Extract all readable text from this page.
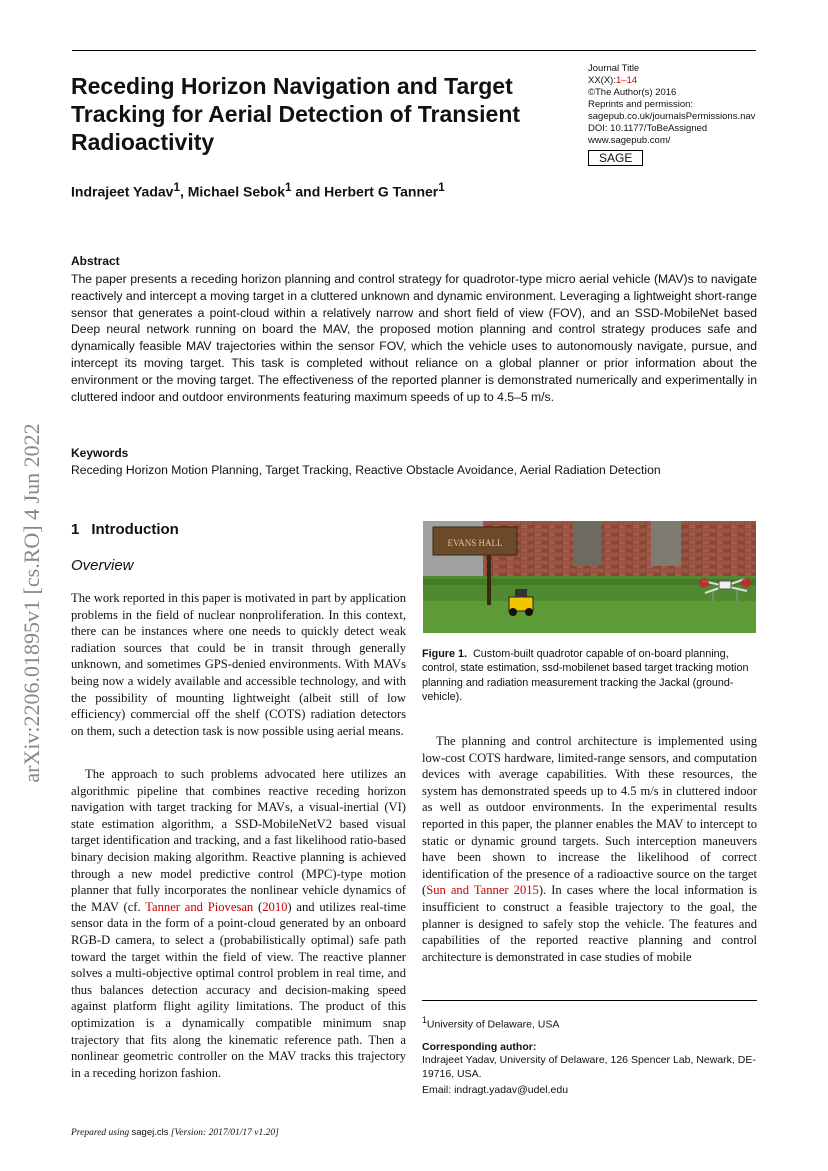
Receding Horizon Navigation and Target Tracking for Aerial Detection of Transient Radioactivity
Journal Title
XX(X):1–14
©The Author(s) 2016
Reprints and permission:
sagepub.co.uk/journalsPermissions.nav
DOI: 10.1177/ToBeAssigned
www.sagepub.com/
SAGE
Indrajeet Yadav$^1$, Michael Sebok$^1$ and Herbert G Tanner$^1$
Abstract

The paper presents a receding horizon planning and control strategy for quadrotor-type micro aerial vehicle (MAV)s to navigate reactively and intercept a moving target in a cluttered unknown and dynamic environment. Leveraging a lightweight short-range sensor that generates a point-cloud within a relatively narrow and short field of view (FOV), and an SSD-MobileNet based Deep neural network running on board the MAV, the proposed motion planning and control strategy produces safe and dynamically feasible MAV trajectories within the sensor FOV, which the vehicle uses to autonomously navigate, pursue, and intercept its moving target. This task is completed without reliance on a global planner or prior information about the environment or the moving target. The effectiveness of the reported planner is demonstrated numerically and experimentally in cluttered indoor and outdoor environments featuring maximum speeds of up to 4.5–5 m/s.

Keywords
Receding Horizon Motion Planning, Target Tracking, Reactive Obstacle Avoidance, Aerial Radiation Detection
arXiv:2206.01895v1 [cs.RO] 4 Jun 2022 1 Introduction
Overview

The work reported in this paper is motivated in part by application problems in the field of nuclear nonproliferation. In this context, there can be instances where one needs to quickly detect weak radiation sources that could be in transit through generally unknown, and sometimes GPS-denied environments. With MAVs being now a widely available and accessible technology, and with the possibility of mounting lightweight (albeit still of low efficiency) commercial off the shelf (COTS) radiation detectors on them, such a detection task is now possible using aerial means.

The approach to such problems advocated here utilizes an algorithmic pipeline that combines reactive receding horizon navigation with target tracking for MAVs, a visual-inertial (VI) state estimation algorithm, a SSD-MobileNetV2 based visual target identification and tracking, and a fast likelihood ratio-based binary decision making algorithm. Reactive planning is achieved through a new model predictive control (MPC)-type motion planner that fully incorporates the nonlinear vehicle dynamics of the MAV (cf. Tanner and Piovesan (2010) and utilizes real-time sensor data in the form of a point-cloud generated by an onboard RGB-D camera, to select a (probabilistically optimal) safe path toward the target within the field of view. The reactive planner solves a multi-objective optimal control problem in real time, and thus balances detection accuracy and decision-making speed against platform flight agility limitations. The product of this optimization is a dynamically compatible minimum snap trajectory that fits along the kinematic reference path. Then a nonlinear geometric controller on the MAV tracks this trajectory in a receding horizon fashion.

EVANS HALL

Figure 1. Custom-built quadrotor capable of on-board planning, control, state estimation, ssd-mobilenet based target tracking motion planning and radiation measurement tracking the Jackal (ground-vehicle).

The planning and control architecture is implemented using low-cost COTS hardware, limited-range sensors, and computation devices with average capabilities. With these resources, the system has demonstrated speeds up to 4.5 m/s in cluttered indoor as well as outdoor environments. In the experimental results reported in this paper, the planner enables the MAV to intercept to static or dynamic ground targets. Such interception maneuvers have been shown to increase the likelihood of correct identification of the presence of a radioactive source on the target (Sun and Tanner 2015). In cases where the local information is insufficient to construct a feasible trajectory to the goal, the planner is designed to safely stop the vehicle. The features and capabilities of the reported reactive planning and control architecture is demonstrated in case studies of mobile

$^1$University of Delaware, USA
Corresponding author:

Indrajeet Yadav, University of Delaware, 126 Spencer Lab, Newark, DE-19716, USA.

Email: indragt.yadav@udel.edu
Prepared using sagej.cls [Version: 2017/01/17 v1.20]
